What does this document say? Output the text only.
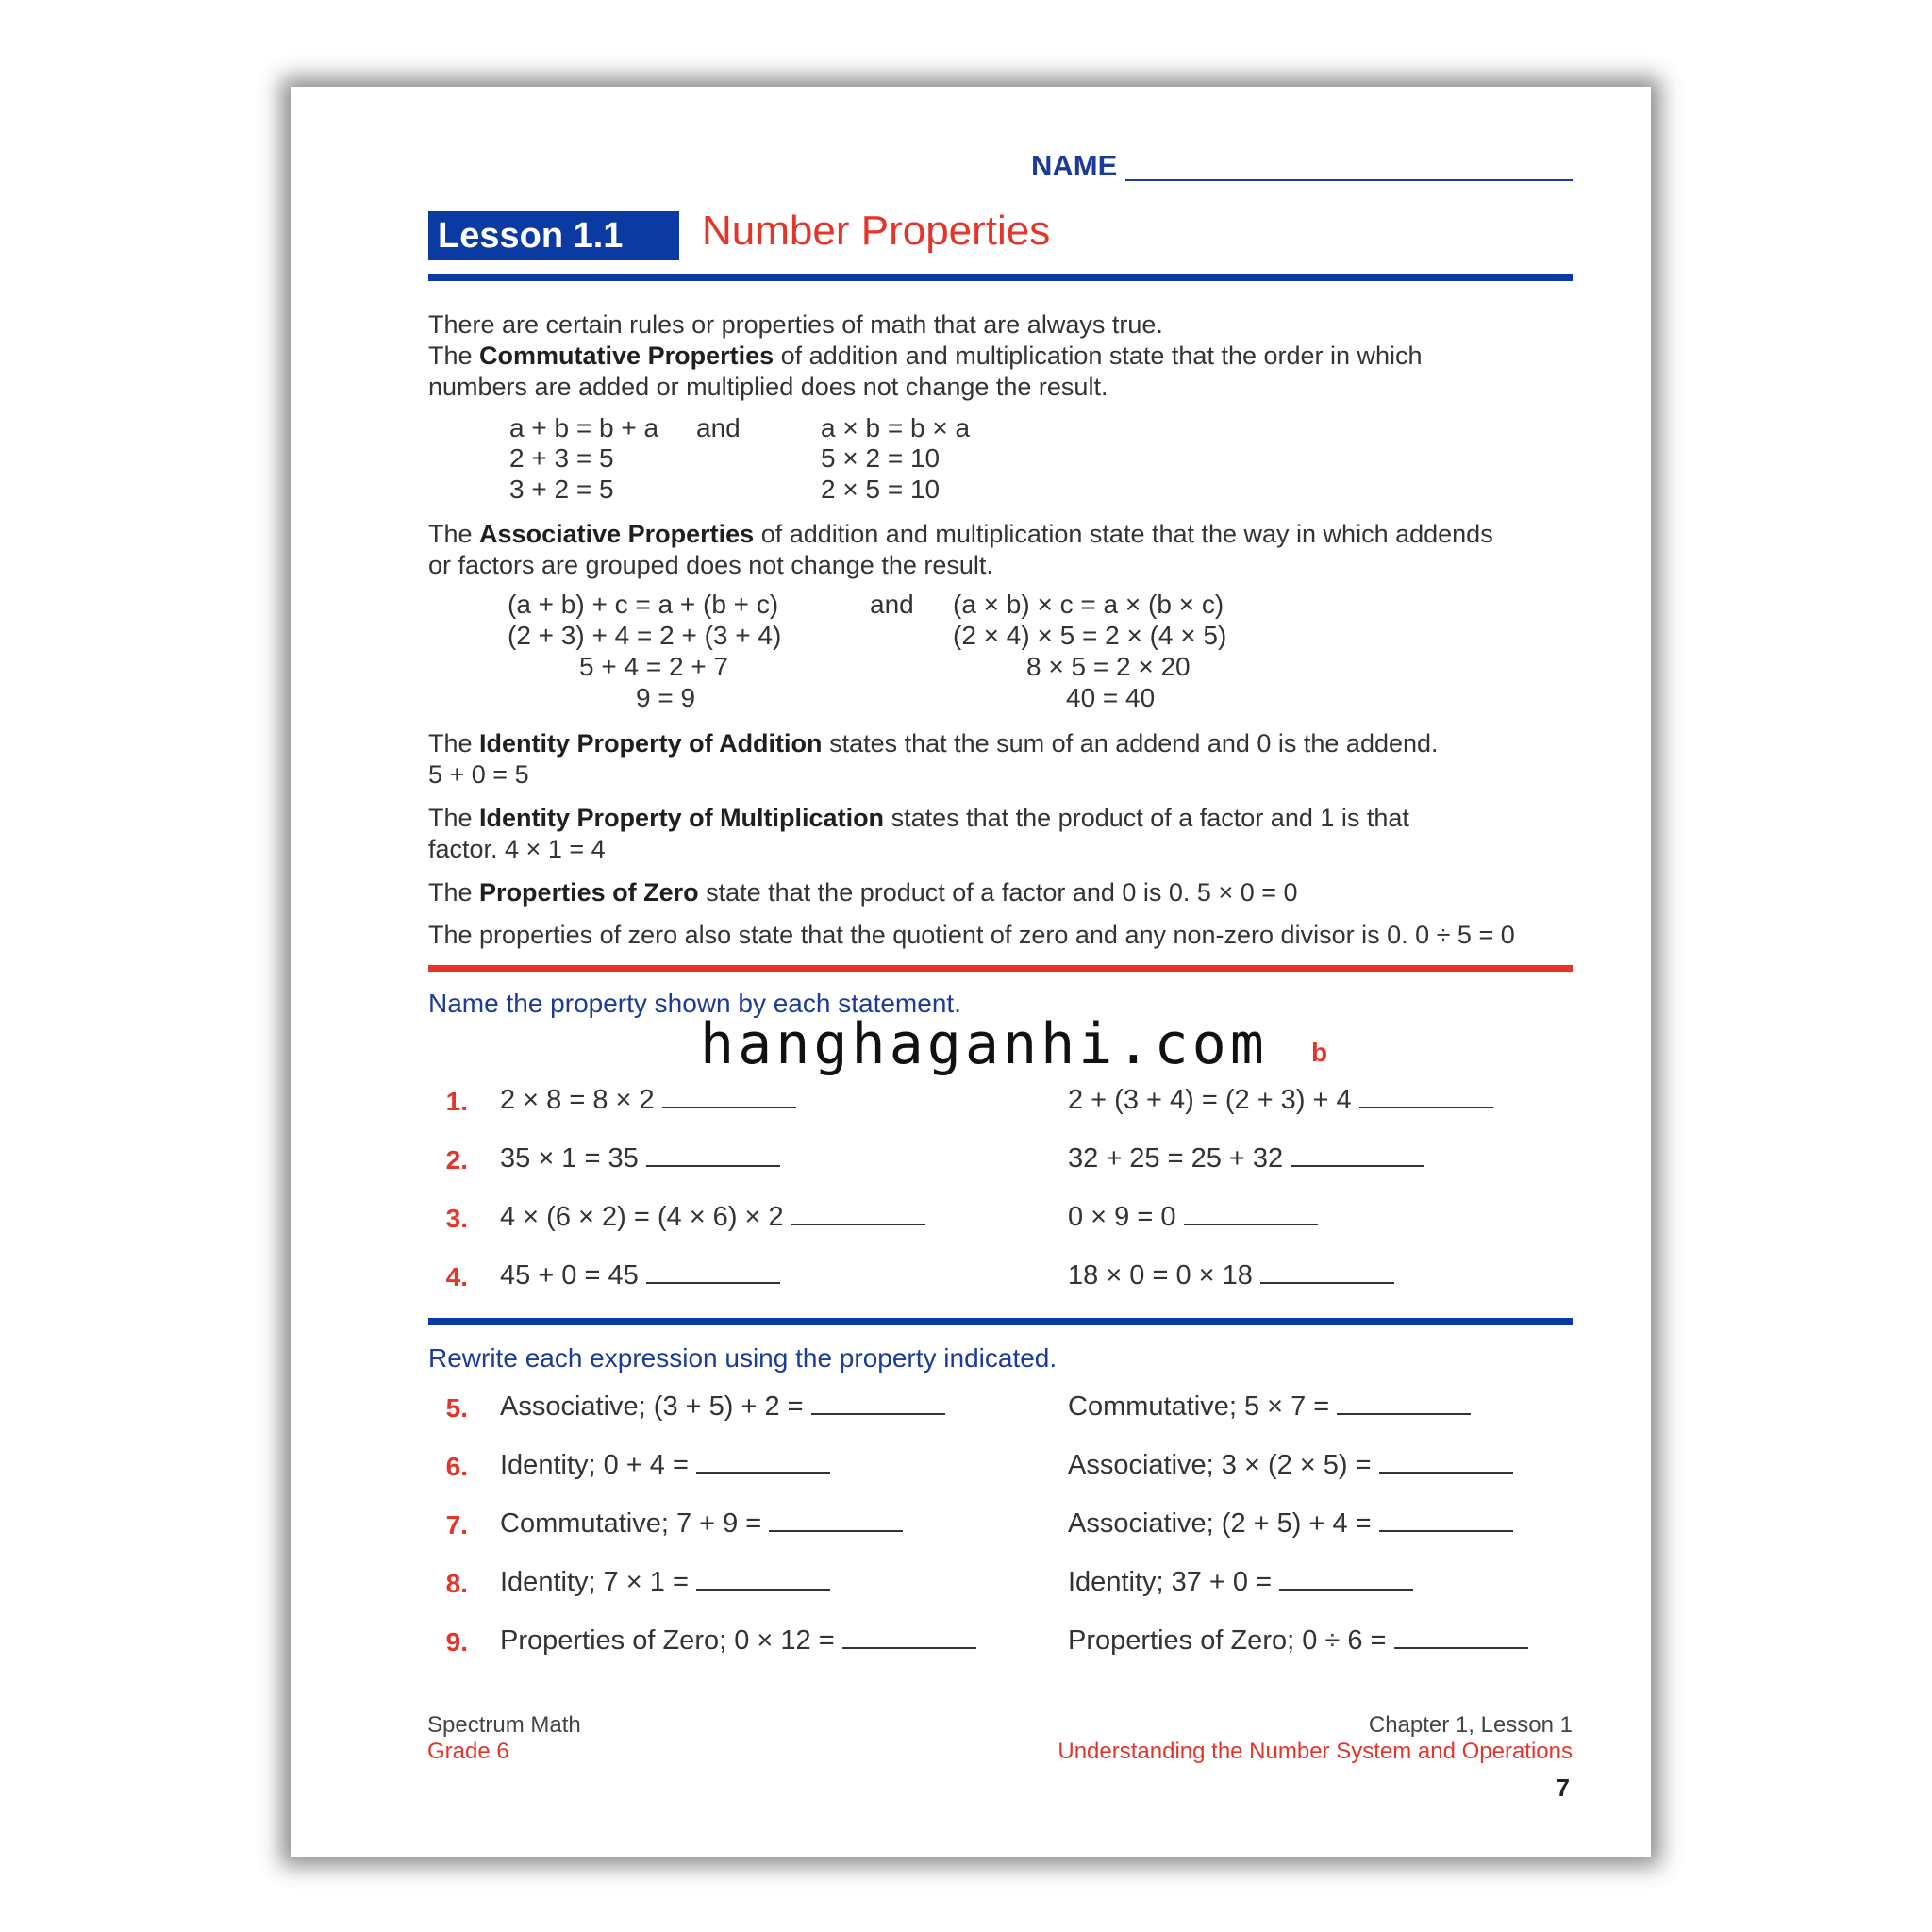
NAME
Lesson 1.1	Number Properties
There are certain rules or properties of math that are always true.
The Commutative Properties of addition and multiplication state that the order in which
numbers are added or multiplied does not change the result.
a + b = b + a
2 + 3 = 5
3 + 2 = 5
and	a × b = b × a
5 × 2 = 10
2 × 5 = 10
The Associative Properties of addition and multiplication state that the way in which addends
or factors are grouped does not change the result.
(a + b) + c = a + (b + c)
(2 + 3) + 4 = 2 + (3 + 4)
5 + 4 = 2 + 7
9 = 9
and (a × b) × c = a × (b × c)
(2 × 4) × 5 = 2 × (4 × 5)
8 × 5 = 2 × 20
40 = 40
The Identity Property of Addition states that the sum of an addend and 0 is the addend.
5 + 0 = 5
The Identity Property of Multiplication states that the product of a factor and 1 is that
factor. 4 × 1 = 4
The Properties of Zero state that the product of a factor and 0 is 0. 5 × 0 = 0
The properties of zero also state that the quotient of zero and any non-zero divisor is 0. 0 ÷ 5 = 0
Name the property shown by each statement.
b
1. 2 × 8 = 8 × 2	2 + (3 + 4) = (2 + 3) + 4
2. 35 × 1 = 35	32 + 25 = 25 + 32
3. 4 × (6 × 2) = (4 × 6) × 2	0 × 9 = 0
4. 45 + 0 = 45	18 × 0 = 0 × 18
Rewrite each expression using the property indicated.
5. Associative; (3 + 5) + 2 =	Commutative; 5 × 7 =
6. Identity; 0 + 4 =	Associative; 3 × (2 × 5) =
7. Commutative; 7 + 9 =	Associative; (2 + 5) + 4 =
8. Identity; 7 × 1 =	Identity; 37 + 0 =
9. Properties of Zero; 0 × 12 =	Properties of Zero; 0 ÷ 6 =
Spectrum Math
Grade 6
Chapter 1, Lesson 1
Understanding the Number System and Operations
7
hanghaganhi.com
